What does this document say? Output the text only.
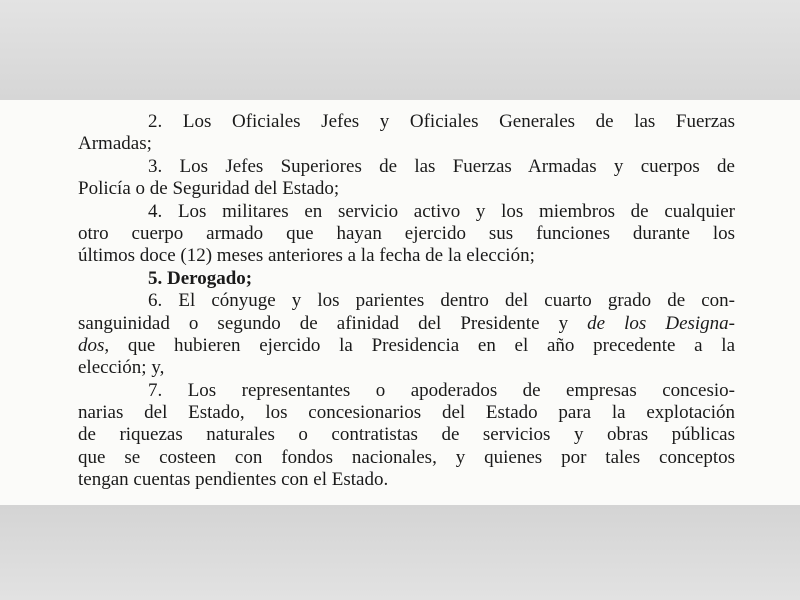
2. Los Oficiales Jefes y Oficiales Generales de las Fuerzas
Armadas;
3. Los Jefes Superiores de las Fuerzas Armadas y cuerpos de
Policía o de Seguridad del Estado;
4. Los militares en servicio activo y los miembros de cualquier
otro cuerpo armado que hayan ejercido sus funciones durante los
últimos doce (12) meses anteriores a la fecha de la elección;
5. Derogado;
6. El cónyuge y los parientes dentro del cuarto grado de con-
sanguinidad o segundo de afinidad del Presidente y de los Designa-
dos, que hubieren ejercido la Presidencia en el año precedente a la
elección; y,
7. Los representantes o apoderados de empresas concesio-
narias del Estado, los concesionarios del Estado para la explotación
de riquezas naturales o contratistas de servicios y obras públicas
que se costeen con fondos nacionales, y quienes por tales conceptos
tengan cuentas pendientes con el Estado.
